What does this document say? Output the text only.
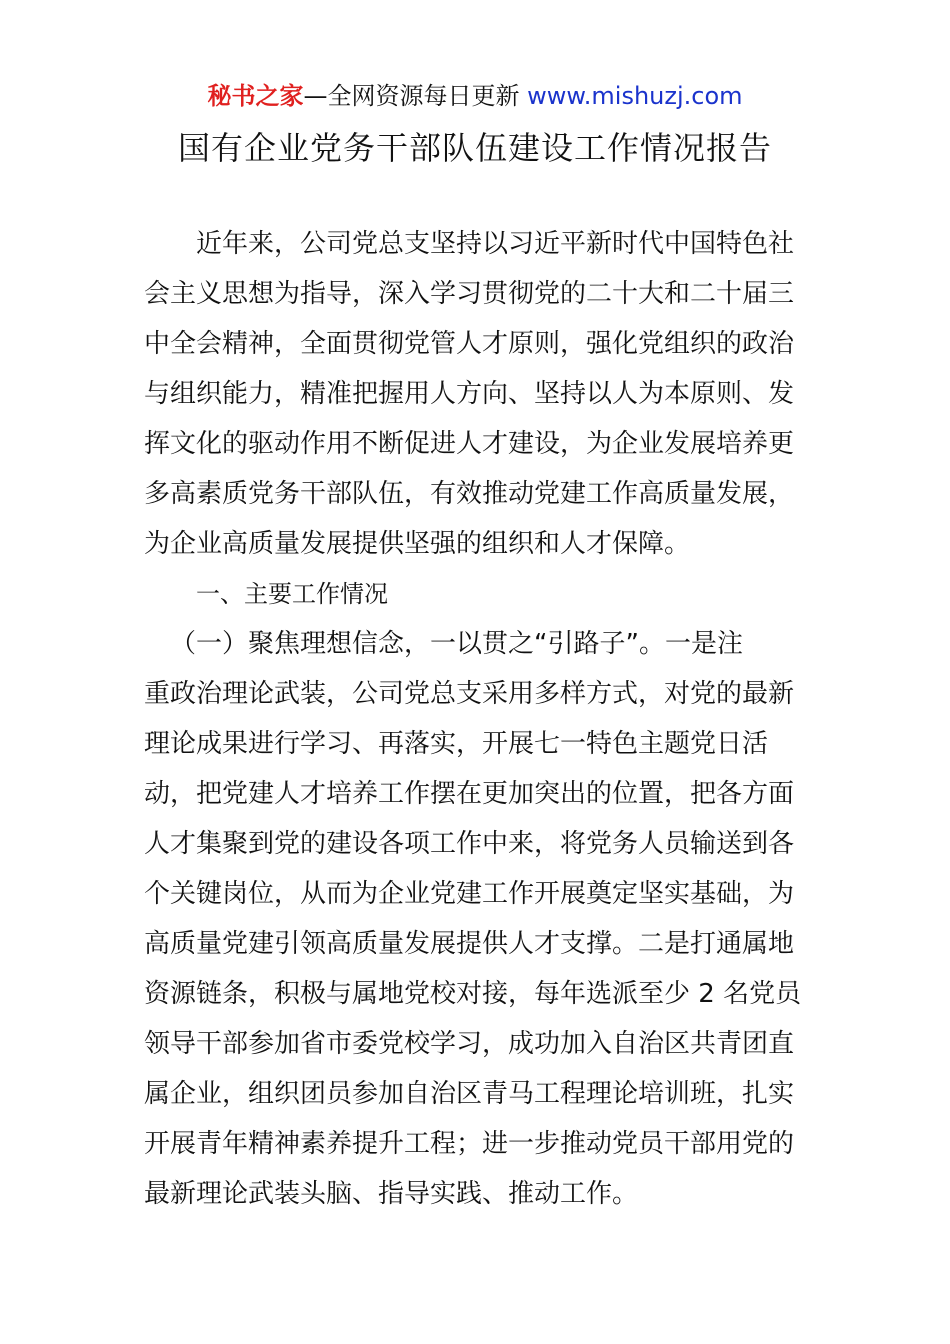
秘书之家—全网资源每日更新 www.mishuzj.com
国有企业党务干部队伍建设工作情况报告

近年来，公司党总支坚持以习近平新时代中国特色社

会主义思想为指导，深入学习贯彻党的二十大和二十届三

中全会精神，全面贯彻党管人才原则，强化党组织的政治

与组织能力，精准把握用人方向、坚持以人为本原则、发

挥文化的驱动作用不断促进人才建设，为企业发展培养更

多高素质党务干部队伍，有效推动党建工作高质量发展，

为企业高质量发展提供坚强的组织和人才保障。

一、主要工作情况

（一）聚焦理想信念，一以贯之“引路子”。一是注

重政治理论武装，公司党总支采用多样方式，对党的最新

理论成果进行学习、再落实，开展七一特色主题党日活

动，把党建人才培养工作摆在更加突出的位置，把各方面

人才集聚到党的建设各项工作中来，将党务人员输送到各

个关键岗位，从而为企业党建工作开展奠定坚实基础，为

高质量党建引领高质量发展提供人才支撑。二是打通属地

资源链条，积极与属地党校对接，每年选派至少 2 名党员

领导干部参加省市委党校学习，成功加入自治区共青团直

属企业，组织团员参加自治区青马工程理论培训班，扎实

开展青年精神素养提升工程；进一步推动党员干部用党的

最新理论武装头脑、指导实践、推动工作。
